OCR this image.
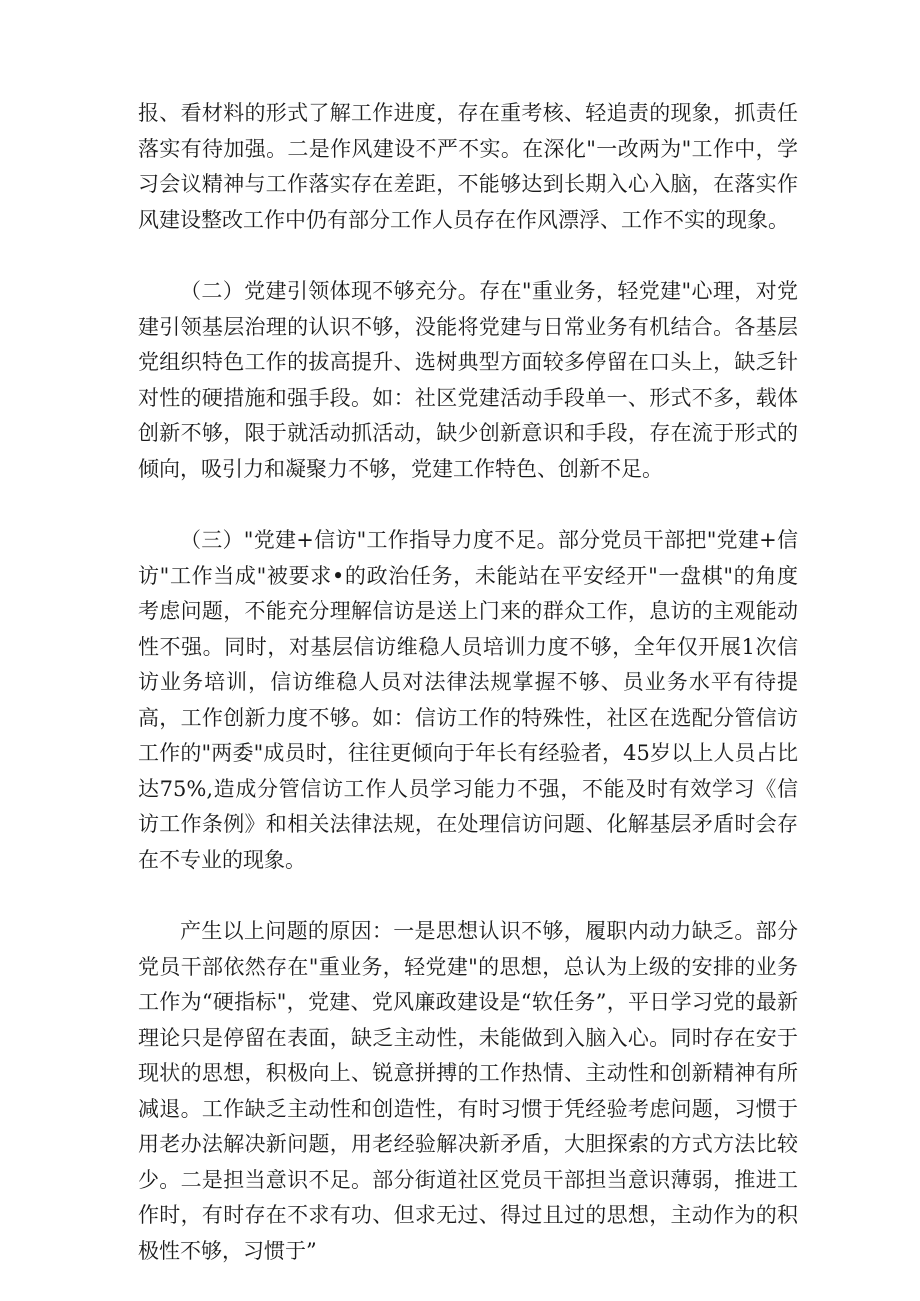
报、看材料的形式了解工作进度，存在重考核、轻追责的现象，抓责任落实有待加强。二是作风建设不严不实。在深化"一改两为"工作中，学习会议精神与工作落实存在差距，不能够达到长期入心入脑，在落实作风建设整改工作中仍有部分工作人员存在作风漂浮、工作不实的现象。

（二）党建引领体现不够充分。存在"重业务，轻党建"心理，对党建引领基层治理的认识不够，没能将党建与日常业务有机结合。各基层党组织特色工作的拔高提升、选树典型方面较多停留在口头上，缺乏针对性的硬措施和强手段。如：社区党建活动手段单一、形式不多，载体创新不够，限于就活动抓活动，缺少创新意识和手段，存在流于形式的倾向，吸引力和凝聚力不够，党建工作特色、创新不足。

（三）"党建+信访"工作指导力度不足。部分党员干部把"党建+信访"工作当成"被要求•的政治任务，未能站在平安经开"一盘棋"的角度考虑问题，不能充分理解信访是送上门来的群众工作，息访的主观能动性不强。同时，对基层信访维稳人员培训力度不够，全年仅开展1次信访业务培训，信访维稳人员对法律法规掌握不够、员业务水平有待提高，工作创新力度不够。如：信访工作的特殊性，社区在选配分管信访工作的"两委"成员时，往往更倾向于年长有经验者，45岁以上人员占比达75%,造成分管信访工作人员学习能力不强，不能及时有效学习《信访工作条例》和相关法律法规，在处理信访问题、化解基层矛盾时会存在不专业的现象。

产生以上问题的原因：一是思想认识不够，履职内动力缺乏。部分党员干部依然存在"重业务，轻党建"的思想，总认为上级的安排的业务工作为“硬指标"，党建、党风廉政建设是“软任务”，平日学习党的最新理论只是停留在表面，缺乏主动性，未能做到入脑入心。同时存在安于现状的思想，积极向上、锐意拼搏的工作热情、主动性和创新精神有所减退。工作缺乏主动性和创造性，有时习惯于凭经验考虑问题，习惯于用老办法解决新问题，用老经验解决新矛盾，大胆探索的方式方法比较少。二是担当意识不足。部分街道社区党员干部担当意识薄弱，推进工作时，有时存在不求有功、但求无过、得过且过的思想，主动作为的积极性不够，习惯于”
